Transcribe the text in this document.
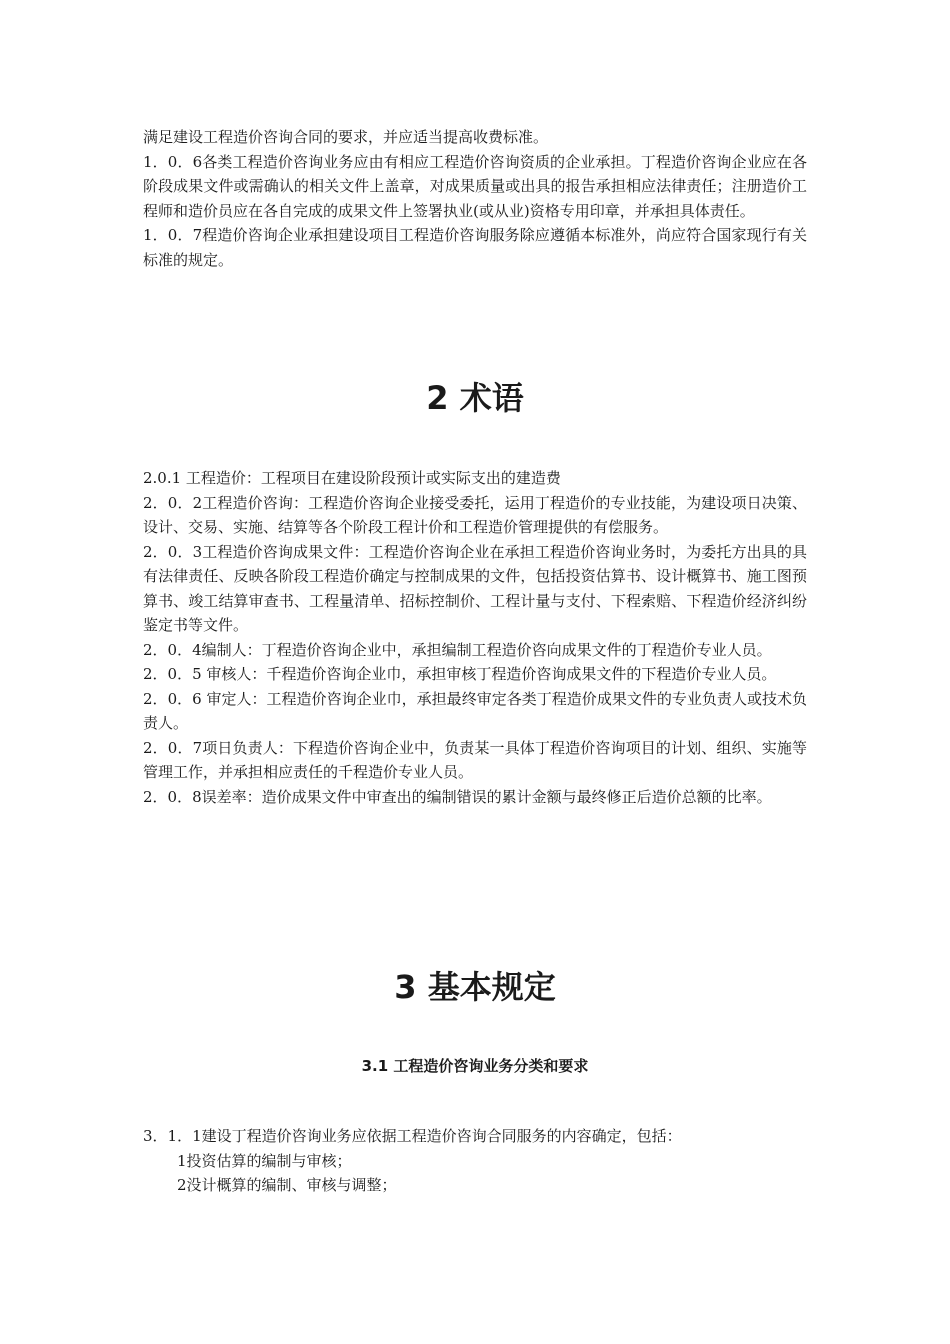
满足建设工程造价咨询合同的要求，并应适当提高收费标准。

1．0．6各类工程造价咨询业务应由有相应工程造价咨询资质的企业承担。丁程造价咨询企业应在各阶段成果文件或需确认的相关文件上盖章，对成果质量或出具的报告承担相应法律责任；注册造价工程师和造价员应在各自完成的成果文件上签署执业(或从业)资格专用印章，并承担具体责任。

1．0．7程造价咨询企业承担建设项目工程造价咨询服务除应遵循本标准外，尚应符合国家现行有关标准的规定。

2 术语

2.0.1 工程造价：工程项目在建设阶段预计或实际支出的建造费

2．0．2工程造价咨询：工程造价咨询企业接受委托，运用丁程造价的专业技能，为建设项日决策、设计、交易、实施、结算等各个阶段工程计价和工程造价管理提供的有偿服务。

2．0．3工程造价咨询成果文件：工程造价咨询企业在承担工程造价咨询业务时，为委托方出具的具有法律责任、反映各阶段工程造价确定与控制成果的文件，包括投资估算书、设计概算书、施工图预算书、竣工结算审查书、工程量清单、招标控制价、工程计量与支付、下程索赔、下程造价经济纠纷鉴定书等文件。

2．0．4编制人：丁程造价咨询企业中，承担编制工程造价咨向成果文件的丁程造价专业人员。

2．0．5 审核人：千程造价咨询企业巾，承担审核丁程造价咨询成果文件的下程造价专业人员。

2．0．6 审定人：工程造价咨询企业巾，承担最终审定各类丁程造价成果文件的专业负责人或技术负责人。

2．0．7项日负责人：下程造价咨询企业中，负责某一具体丁程造价咨询项目的计划、组织、实施等管理工作，并承担相应责任的千程造价专业人员。

2．0．8误差率：造价成果文件中审查出的编制错误的累计金额与最终修正后造价总额的比率。

3 基本规定
3.1 工程造价咨询业务分类和要求

3．1．1建设丁程造价咨询业务应依据工程造价咨询合同服务的内容确定，包括：

1投资估算的编制与审核；

2没计概算的编制、审核与调整；
